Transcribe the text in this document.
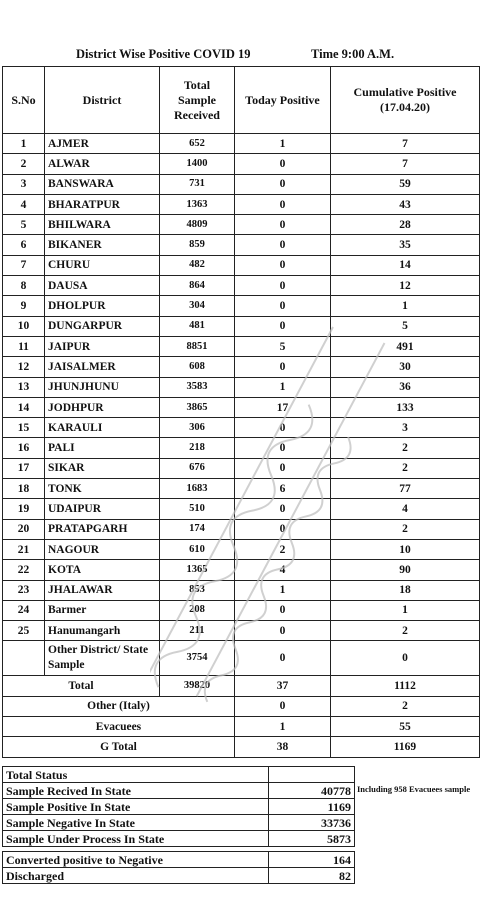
District Wise Positive COVID 19	Time 9:00 A.M.
S.No	District	Total Sample Received	Today Positive	Cumulative Positive (17.04.20)
1	AJMER	652	1	7
2	ALWAR	1400	0	7
3	BANSWARA	731	0	59
4	BHARATPUR	1363	0	43
5	BHILWARA	4809	0	28
6	BIKANER	859	0	35
7	CHURU	482	0	14
8	DAUSA	864	0	12
9	DHOLPUR	304	0	1
10	DUNGARPUR	481	0	5
11	JAIPUR	8851	5	491
12	JAISALMER	608	0	30
13	JHUNJHUNU	3583	1	36
14	JODHPUR	3865	17	133
15	KARAULI	306	0	3
16	PALI	218	0	2
17	SIKAR	676	0	2
18	TONK	1683	6	77
19	UDAIPUR	510	0	4
20	PRATAPGARH	174	0	2
21	NAGOUR	610	2	10
22	KOTA	1365	4	90
23	JHALAWAR	853	1	18
24	Barmer	208	0	1
25	Hanumangarh	211	0	2
	Other District/ State Sample	3754	0	0
Total		39820	37	1112
Other (Italy)			0	2
Evacuees			1	55
G Total			38	1169
Total Status	
Sample Recived In State	40778
Sample Positive In State	1169
Sample Negative In State	33736
Sample Under Process In State	5873

Converted positive to Negative	164
Discharged	82
Including 958 Evacuees sample
